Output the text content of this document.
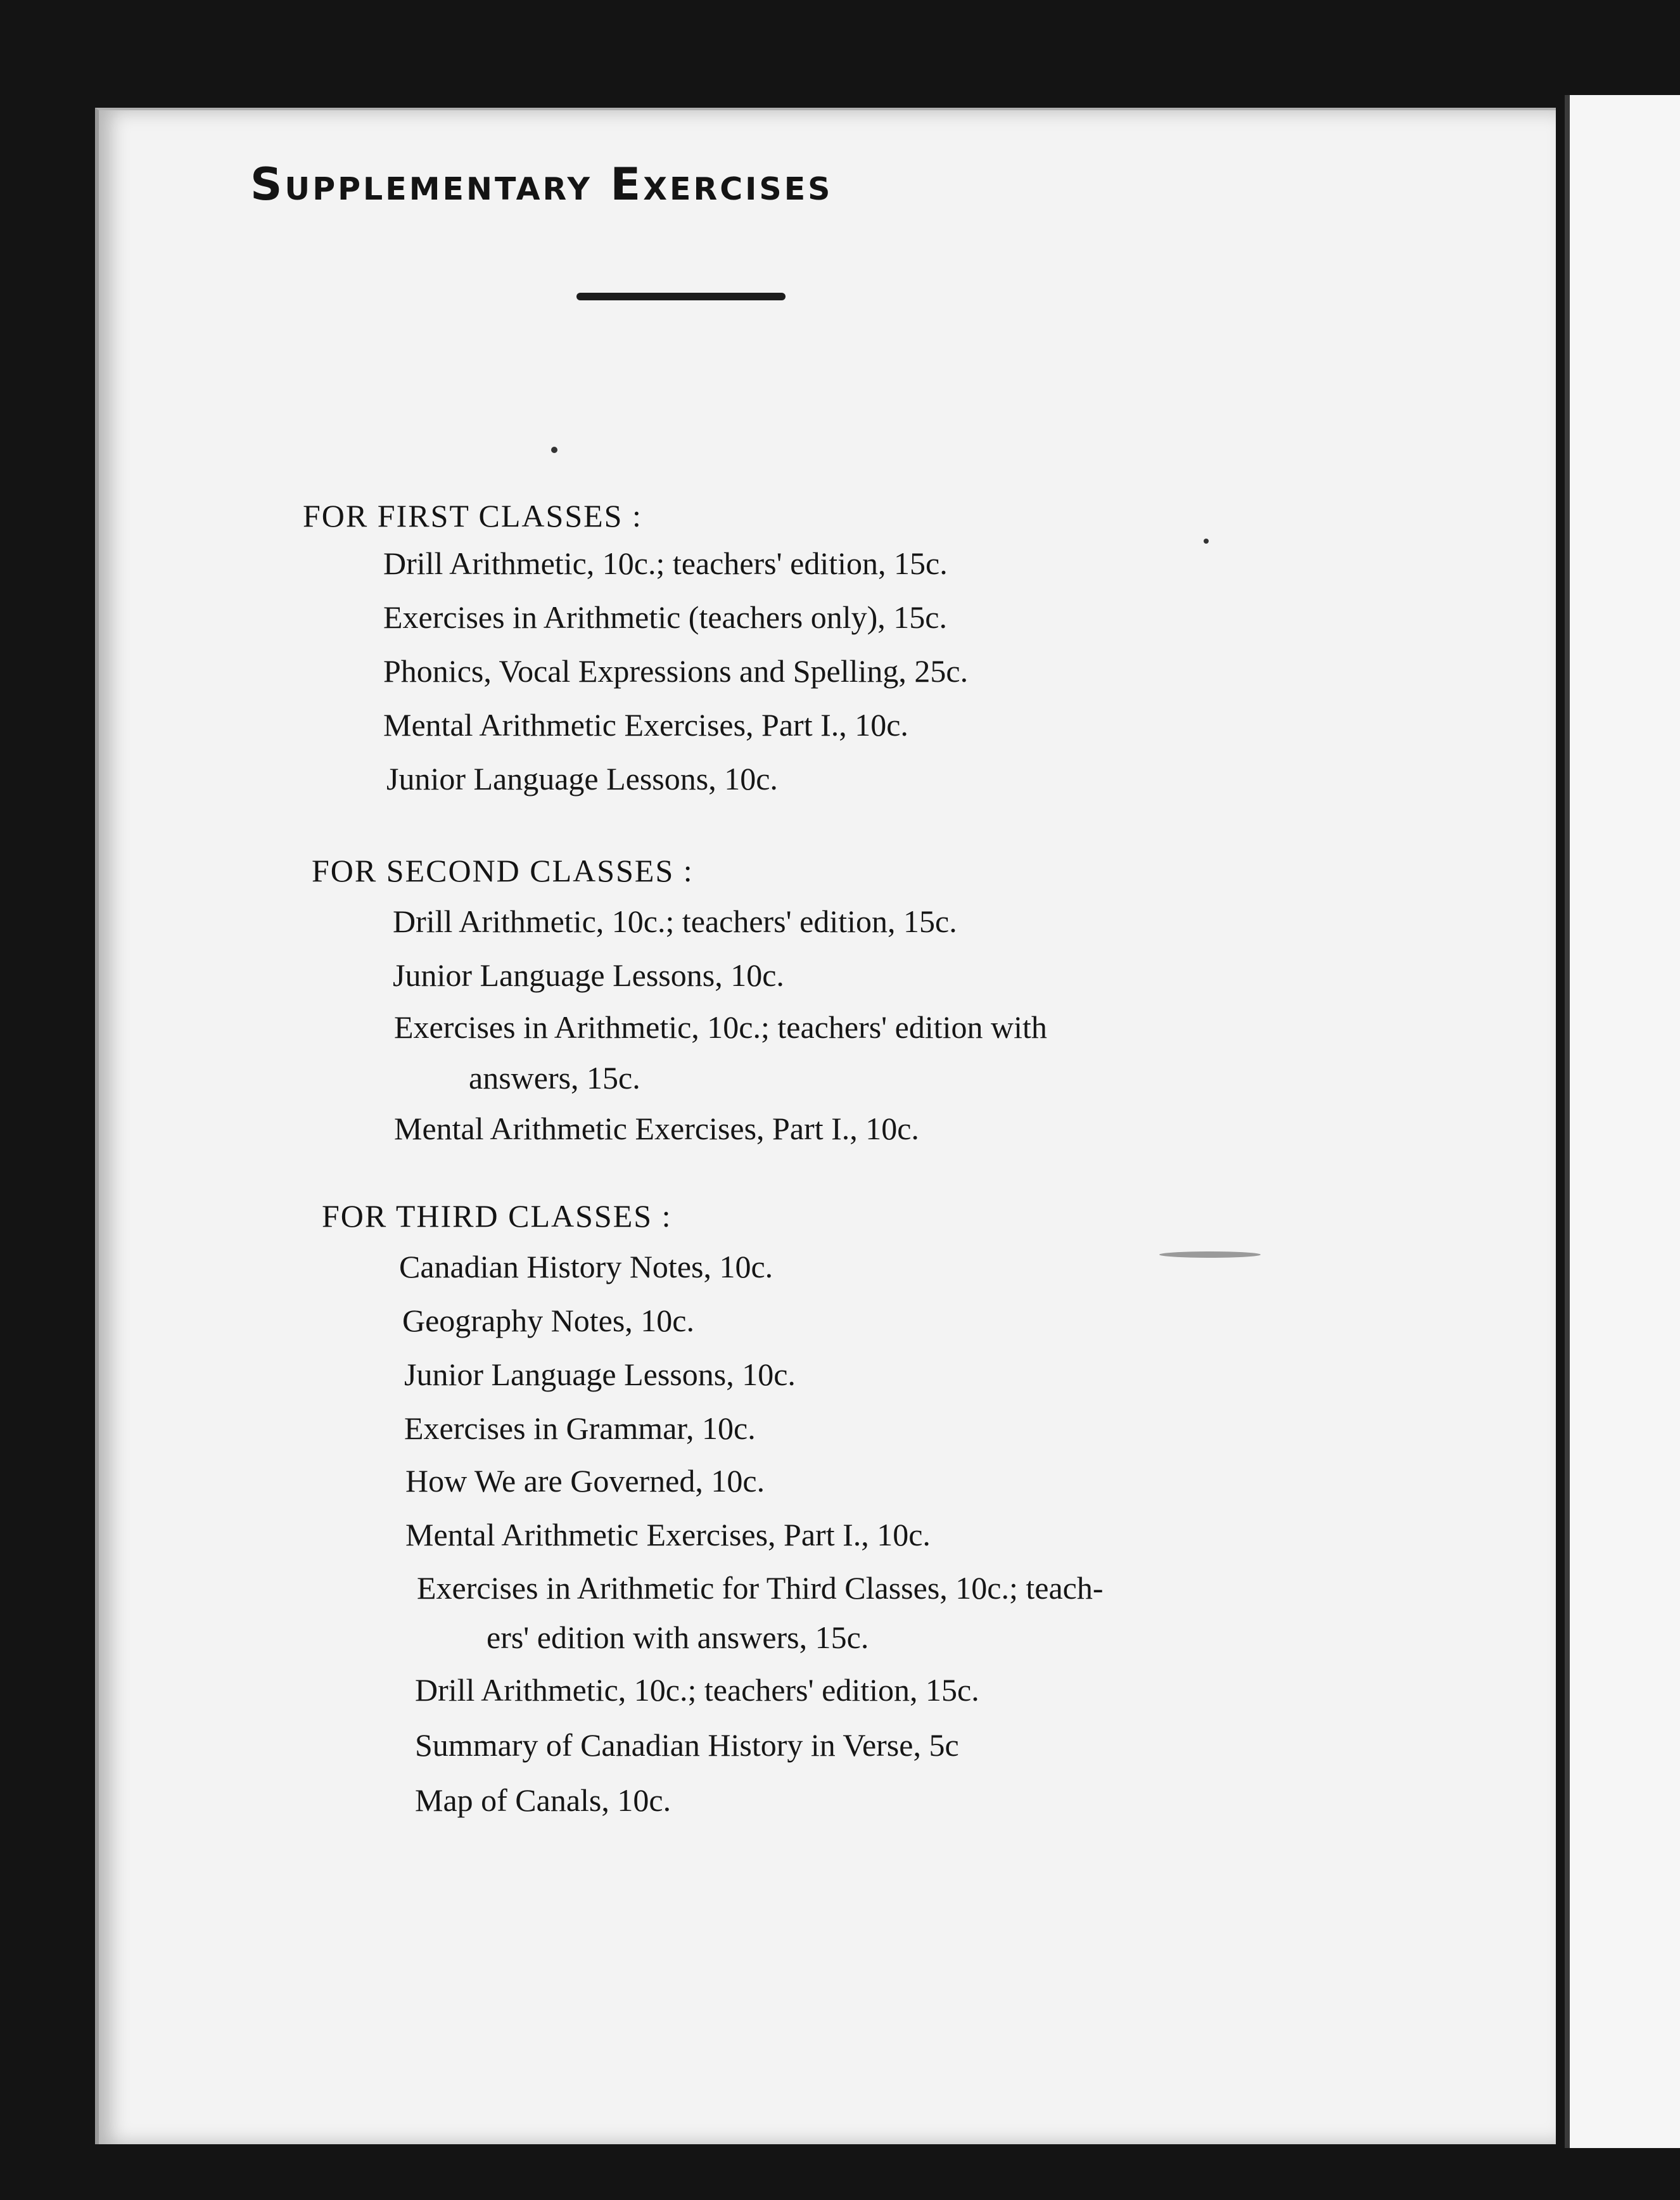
Supplementary Exercises
FOR FIRST CLASSES :
Drill Arithmetic, 10c.; teachers' edition, 15c.
Exercises in Arithmetic (teachers only), 15c.
Phonics, Vocal Expressions and Spelling, 25c.
Mental Arithmetic Exercises, Part I., 10c.
Junior Language Lessons, 10c.
FOR SECOND CLASSES :
Drill Arithmetic, 10c.; teachers' edition, 15c.
Junior Language Lessons, 10c.
Exercises in Arithmetic, 10c.; teachers' edition with
answers, 15c.
Mental Arithmetic Exercises, Part I., 10c.
FOR THIRD CLASSES :
Canadian History Notes, 10c.
Geography Notes, 10c.
Junior Language Lessons, 10c.
Exercises in Grammar, 10c.
How We are Governed, 10c.
Mental Arithmetic Exercises, Part I., 10c.
Exercises in Arithmetic for Third Classes, 10c.; teach-
ers' edition with answers, 15c.
Drill Arithmetic, 10c.; teachers' edition, 15c.
Summary of Canadian History in Verse, 5c
Map of Canals, 10c.
